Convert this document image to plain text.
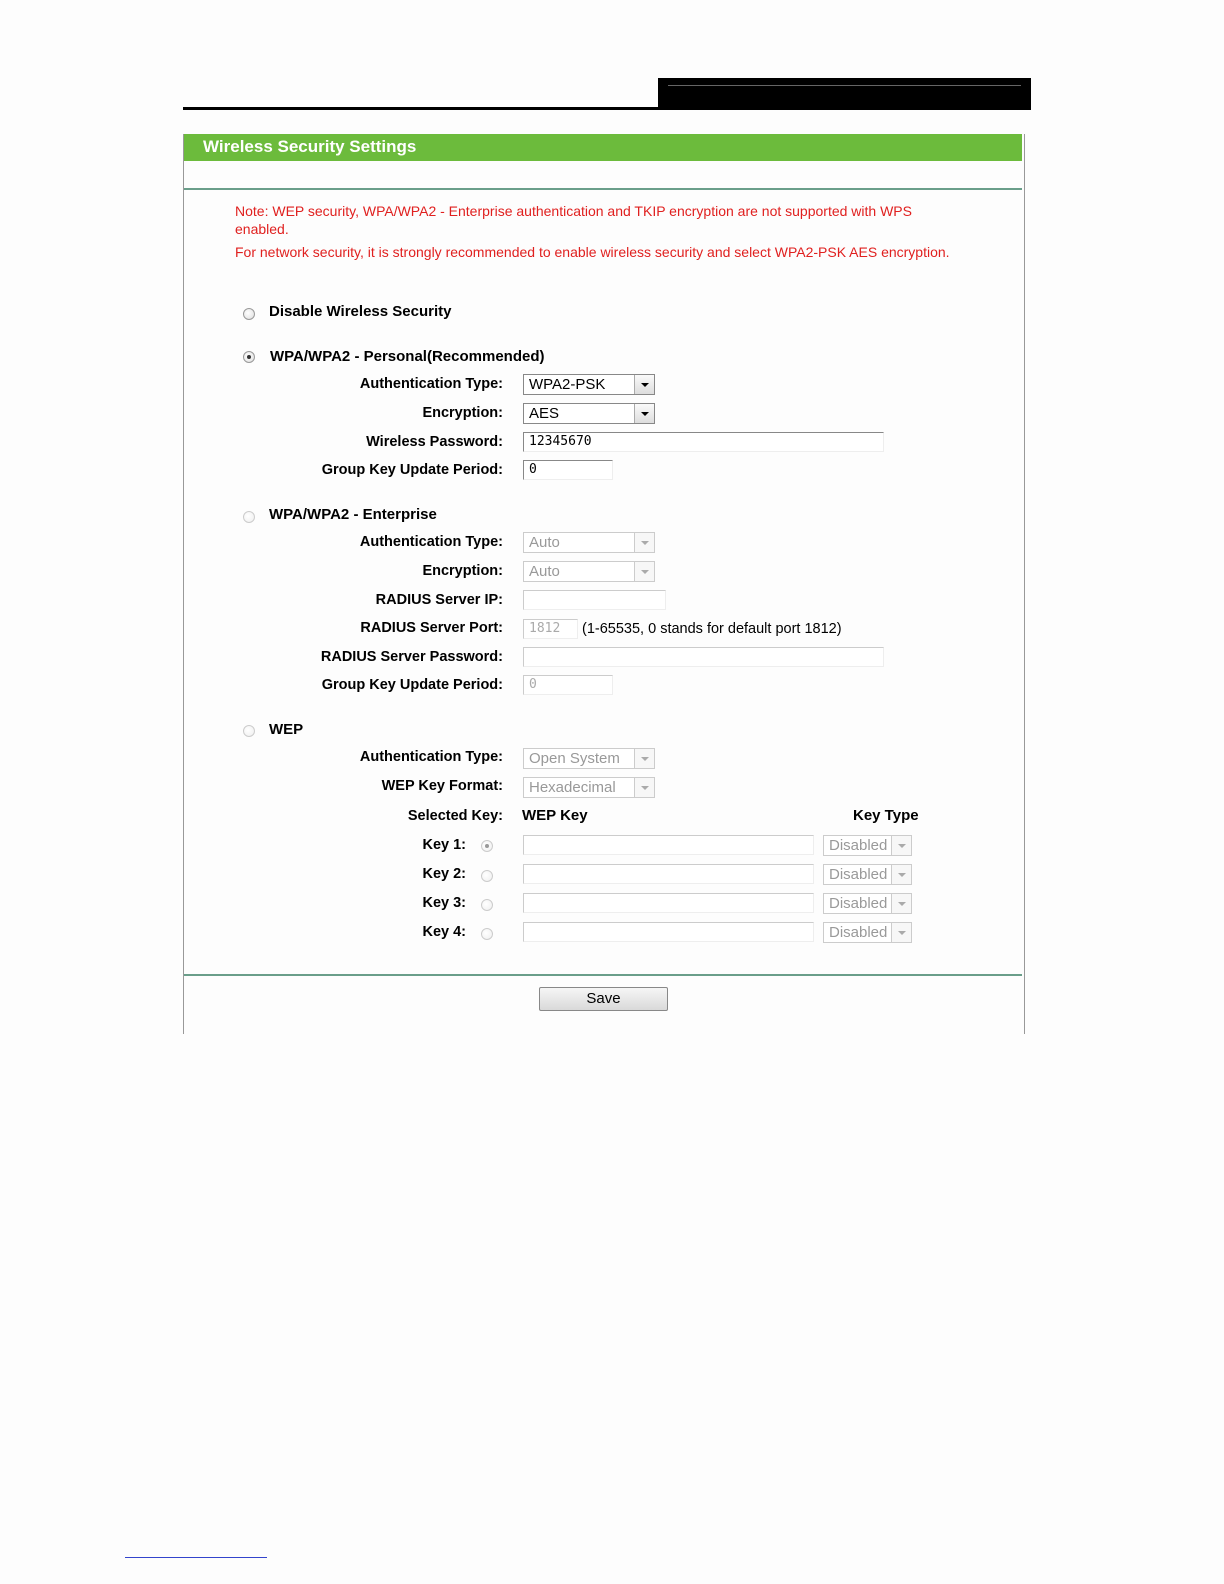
Wireless Security Settings
Note: WEP security, WPA/WPA2 - Enterprise authentication and TKIP encryption are not supported with WPS enabled.
For network security, it is strongly recommended to enable wireless security and select WPA2-PSK AES encryption.
Disable Wireless Security
WPA/WPA2 - Personal(Recommended)
Authentication Type: WPA2-PSK
Encryption: AES
Wireless Password:	12345670
Group Key Update Period:	0
WPA/WPA2 - Enterprise
Authentication Type: Auto
Encryption: Auto
RADIUS Server IP:
RADIUS Server Port:	1812	(1-65535, 0 stands for default port 1812)
RADIUS Server Password:
Group Key Update Period:	0
WEP
Authentication Type: Open System
WEP Key Format: Hexadecimal
Selected Key: WEP Key	Key Type
Key 1:	Disabled
Key 2:	Disabled
Key 3:	Disabled
Key 4:	Disabled
Save
